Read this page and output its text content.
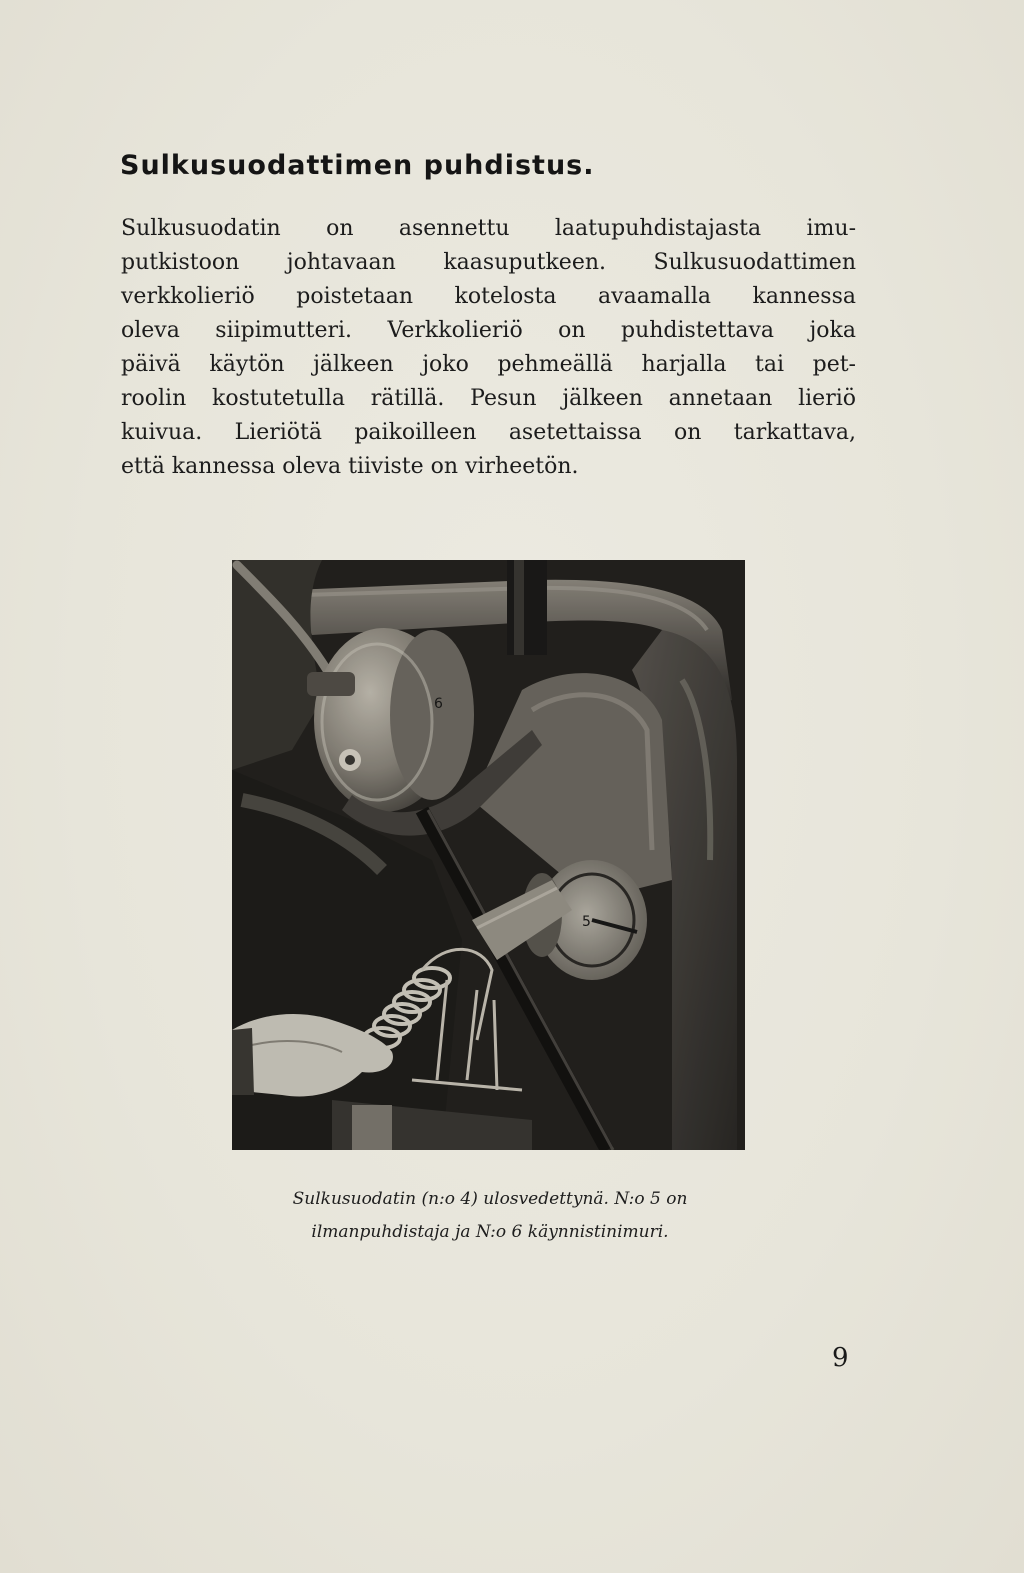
Sulkusuodattimen puhdistus.
Sulkusuodatin on asennettu laatupuhdistajasta imu-
putkistoon johtavaan kaasuputkeen. Sulkusuodattimen
verkkolieriö poistetaan kotelosta avaamalla kannessa
oleva siipimutteri. Verkkolieriö on puhdistettava joka
päivä käytön jälkeen joko pehmeällä harjalla tai pet-
roolin kostutetulla rätillä. Pesun jälkeen annetaan lieriö
kuivua. Lieriötä paikoilleen asetettaissa on tarkattava,
että kannessa oleva tiiviste on virheetön.
6
5
Sulkusuodatin (n:o 4) ulosvedettynä. N:o 5 on
ilmanpuhdistaja ja N:o 6 käynnistinimuri.
9
